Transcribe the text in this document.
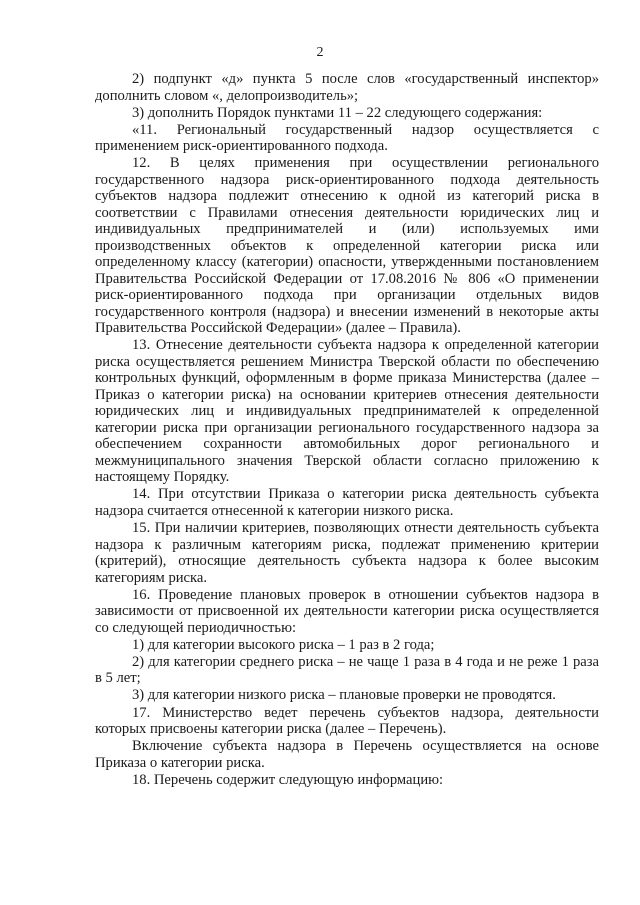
2

2) подпункт «д» пункта 5 после слов «государственный инспектор» дополнить словом «, делопроизводитель»;

3) дополнить Порядок пунктами 11 – 22 следующего содержания:

«11. Региональный государственный надзор осуществляется с применением риск-ориентированного подхода.

12. В целях применения при осуществлении регионального государственного надзора риск-ориентированного подхода деятельность субъектов надзора подлежит отнесению к одной из категорий риска в соответствии с Правилами отнесения деятельности юридических лиц и индивидуальных предпринимателей и (или) используемых ими производственных объектов к определенной категории риска или определенному классу (категории) опасности, утвержденными постановлением Правительства Российской Федерации от 17.08.2016 № 806 «О применении риск-ориентированного подхода при организации отдельных видов государственного контроля (надзора) и внесении изменений в некоторые акты Правительства Российской Федерации» (далее – Правила).

13. Отнесение деятельности субъекта надзора к определенной категории риска осуществляется решением Министра Тверской области по обеспечению контрольных функций, оформленным в форме приказа Министерства (далее – Приказ о категории риска) на основании критериев отнесения деятельности юридических лиц и индивидуальных предпринимателей к определенной категории риска при организации регионального государственного надзора за обеспечением сохранности автомобильных дорог регионального и межмуниципального значения Тверской области согласно приложению к настоящему Порядку.

14. При отсутствии Приказа о категории риска деятельность субъекта надзора считается отнесенной к категории низкого риска.

15. При наличии критериев, позволяющих отнести деятельность субъекта надзора к различным категориям риска, подлежат применению критерии (критерий), относящие деятельность субъекта надзора к более высоким категориям риска.

16. Проведение плановых проверок в отношении субъектов надзора в зависимости от присвоенной их деятельности категории риска осуществляется со следующей периодичностью:

1) для категории высокого риска – 1 раз в 2 года;

2) для категории среднего риска – не чаще 1 раза в 4 года и не реже 1 раза в 5 лет;

3) для категории низкого риска – плановые проверки не проводятся.

17. Министерство ведет перечень субъектов надзора, деятельности которых присвоены категории риска (далее – Перечень).

Включение субъекта надзора в Перечень осуществляется на основе Приказа о категории риска.

18. Перечень содержит следующую информацию:
